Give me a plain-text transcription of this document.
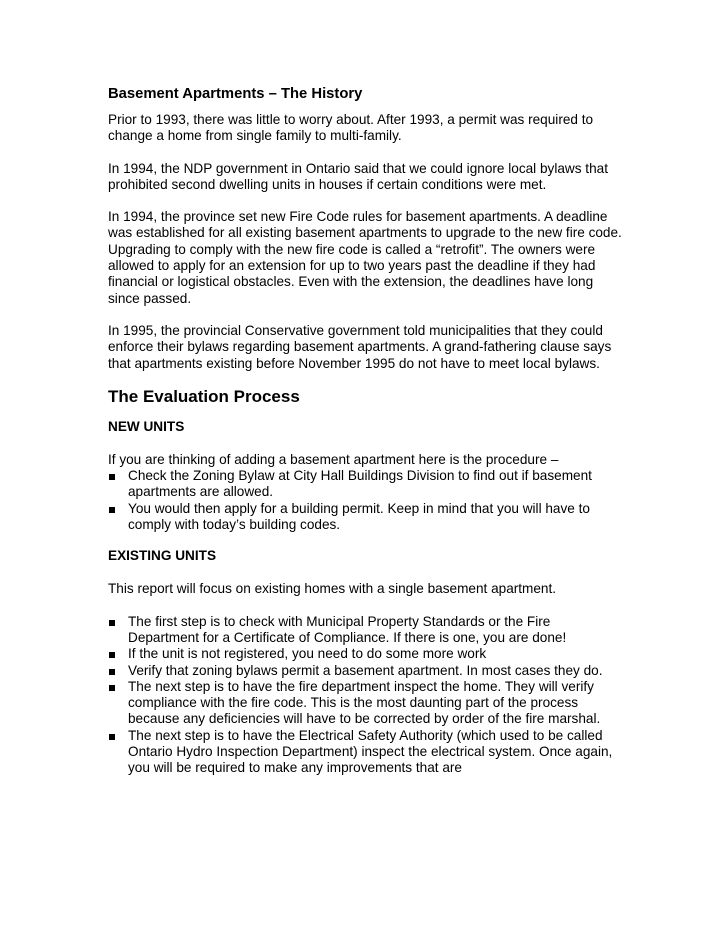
Basement Apartments – The History

Prior to 1993, there was little to worry about. After 1993, a permit was required to change a home from single family to multi-family.

In 1994, the NDP government in Ontario said that we could ignore local bylaws that prohibited second dwelling units in houses if certain conditions were met.

In 1994, the province set new Fire Code rules for basement apartments. A deadline was established for all existing basement apartments to upgrade to the new fire code. Upgrading to comply with the new fire code is called a “retrofit”. The owners were allowed to apply for an extension for up to two years past the deadline if they had financial or logistical obstacles. Even with the extension, the deadlines have long since passed.

In 1995, the provincial Conservative government told municipalities that they could enforce their bylaws regarding basement apartments. A grand-fathering clause says that apartments existing before November 1995 do not have to meet local bylaws.

The Evaluation Process
NEW UNITS
If you are thinking of adding a basement apartment here is the procedure –
Check the Zoning Bylaw at City Hall Buildings Division to find out if basement apartments are allowed.
You would then apply for a building permit. Keep in mind that you will have to comply with today’s building codes.
EXISTING UNITS

This report will focus on existing homes with a single basement apartment.

The first step is to check with Municipal Property Standards or the Fire Department for a Certificate of Compliance. If there is one, you are done!
If the unit is not registered, you need to do some more work
Verify that zoning bylaws permit a basement apartment. In most cases they do.
The next step is to have the fire department inspect the home. They will verify compliance with the fire code. This is the most daunting part of the process because any deficiencies will have to be corrected by order of the fire marshal.
The next step is to have the Electrical Safety Authority (which used to be called Ontario Hydro Inspection Department) inspect the electrical system. Once again, you will be required to make any improvements that are
